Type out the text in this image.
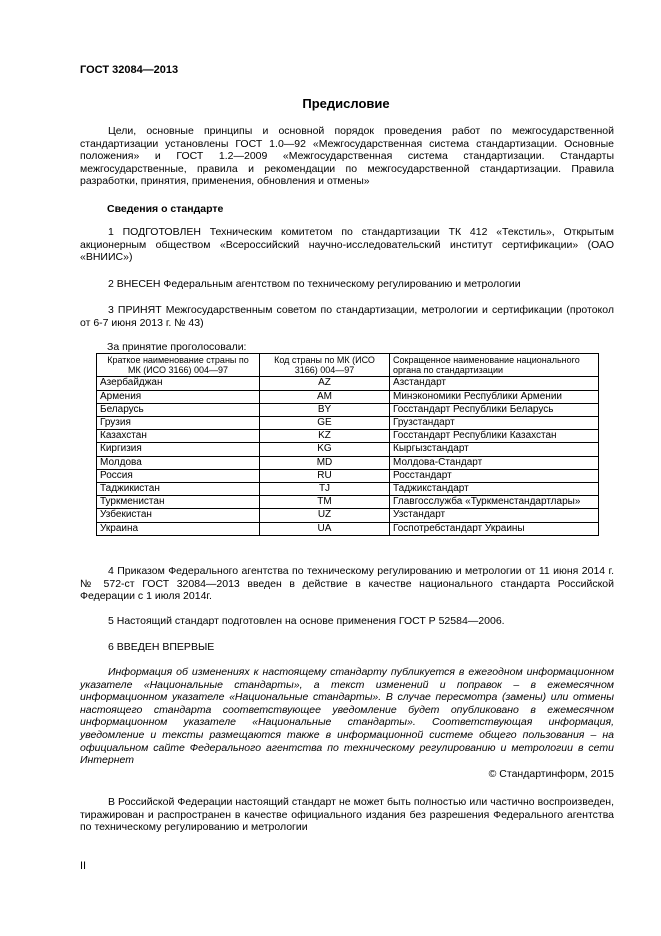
ГОСТ 32084—2013
Предисловие
Цели, основные принципы и основной порядок проведения работ по межгосударственной стандартизации установлены ГОСТ 1.0—92 «Межгосударственная система стандартизации. Основные положения» и ГОСТ 1.2—2009 «Межгосударственная система стандартизации. Стандарты межгосударственные, правила и рекомендации по межгосударственной стандартизации. Правила разработки, принятия, применения, обновления и отмены»
Сведения о стандарте
1 ПОДГОТОВЛЕН Техническим комитетом по стандартизации ТК 412 «Текстиль», Открытым акционерным обществом «Всероссийский научно-исследовательский институт сертификации» (ОАО «ВНИИС»)
2 ВНЕСЕН Федеральным агентством по техническому регулированию и метрологии
3 ПРИНЯТ Межгосударственным советом по стандартизации, метрологии и сертификации (протокол от 6-7 июня 2013 г. № 43)
За принятие проголосовали:
Краткое наименование страны по МК (ИСО 3166) 004—97	Код страны по МК (ИСО 3166) 004—97	Сокращенное наименование национального органа по стандартизации
Азербайджан	AZ	Азстандарт
Армения	AM	Минэкономики Республики Армении
Беларусь	BY	Госстандарт Республики Беларусь
Грузия	GE	Грузстандарт
Казахстан	KZ	Госстандарт Республики Казахстан
Киргизия	KG	Кыргызстандарт
Молдова	MD	Молдова-Стандарт
Россия	RU	Росстандарт
Таджикистан	TJ	Таджикстандарт
Туркменистан	TM	Главгосслужба «Туркменстандартлары»
Узбекистан	UZ	Узстандарт
Украина	UA	Госпотребстандарт Украины
4 Приказом Федерального агентства по техническому регулированию и метрологии от 11 июня 2014 г. № 572-ст ГОСТ 32084—2013 введен в действие в качестве национального стандарта Российской Федерации с 1 июля 2014г.
5 Настоящий стандарт подготовлен на основе применения ГОСТ Р 52584—2006.
6 ВВЕДЕН ВПЕРВЫЕ
Информация об изменениях к настоящему стандарту публикуется в ежегодном информационном указателе «Национальные стандарты», а текст изменений и поправок – в ежемесячном информационном указателе «Национальные стандарты». В случае пересмотра (замены) или отмены настоящего стандарта соответствующее уведомление будет опубликовано в ежемесячном информационном указателе «Национальные стандарты». Соответствующая информация, уведомление и тексты размещаются также в информационной системе общего пользования – на официальном сайте Федерального агентства по техническому регулированию и метрологии в сети Интернет
© Стандартинформ, 2015
В Российской Федерации настоящий стандарт не может быть полностью или частично воспроизведен, тиражирован и распространен в качестве официального издания без разрешения Федерального агентства по техническому регулированию и метрологии
II
